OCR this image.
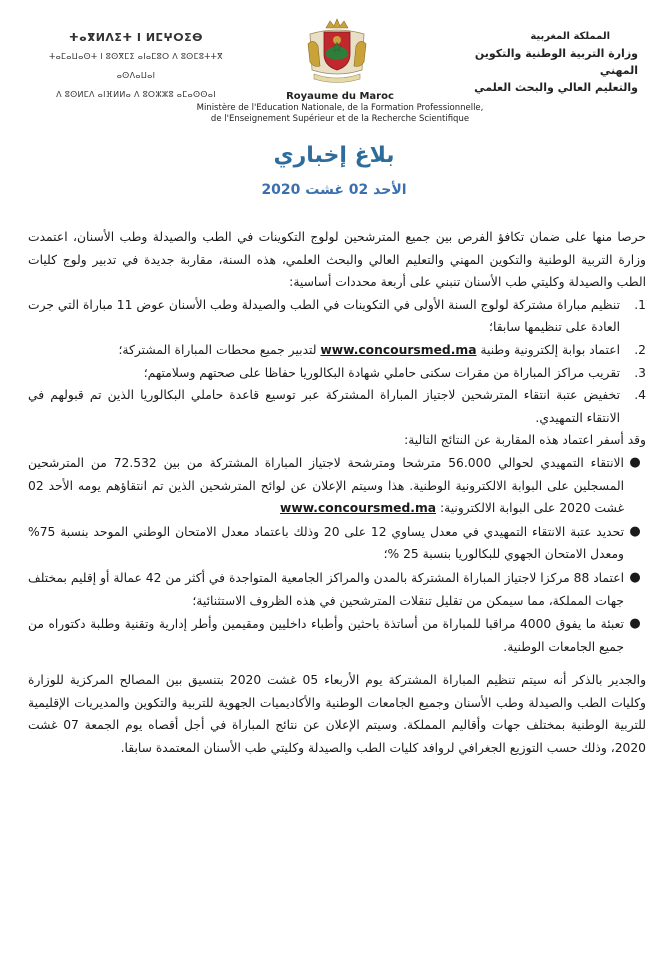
ⵜⴰⴳⵍⴷⵉⵜ ⵏ ⵍⵎⵖⵔⵉⴱ
ⵜⴰⵎⴰⵡⴰⵙⵜ ⵏ ⵓⵙⴳⵎⵉ ⴰⵏⴰⵎⵓⵔ ⴷ ⵓⵙⵎⵓⵜⵜⴳ ⴰⵙⴷⴰⵡⴰⵏ
ⴷ ⵓⵙⵍⵎⴷ ⴰⵏⴼⵍⵍⴰ ⴷ ⵓⵔⵣⵣⵓ ⴰⵎⴰⵙⵙⴰⵏ
المملكة المغربية
وزارة التربية الوطنية والتكوين المهني
والتعليم العالي والبحث العلمي
Royaume du Maroc
Ministère de l'Education Nationale, de la Formation Professionnelle,
de l'Enseignement Supérieur et de la Recherche Scientifique
بلاغ إخباري
الأحد 02 غشت 2020

حرصا منها على ضمان تكافؤ الفرص بين جميع المترشحين لولوج التكوينات في الطب والصيدلة وطب الأسنان، اعتمدت وزارة التربية الوطنية والتكوين المهني والتعليم العالي والبحث العلمي، هذه السنة، مقاربة جديدة في تدبير ولوج كليات الطب والصيدلة وكليتي طب الأسنان تنبني على أربعة محددات أساسية:

1.
تنظيم مباراة مشتركة لولوج السنة الأولى في التكوينات في الطب والصيدلة وطب الأسنان عوض 11 مباراة التي جرت العادة على تنظيمها سابقا؛
2.
اعتماد بوابة إلكترونية وطنية www.concoursmed.ma لتدبير جميع محطات المباراة المشتركة؛
3.
تقريب مراكز المباراة من مقرات سكنى حاملي شهادة البكالوريا حفاظا على صحتهم وسلامتهم؛
4.
تخفيض عتبة انتقاء المترشحين لاجتياز المباراة المشتركة عبر توسيع قاعدة حاملي البكالوريا الذين تم قبولهم في الانتقاء التمهيدي.

وقد أسفر اعتماد هذه المقاربة عن النتائج التالية:

●
الانتقاء التمهيدي لحوالي 56.000 مترشحا ومترشحة لاجتياز المباراة المشتركة من بين 72.532 من المترشحين المسجلين على البوابة الالكترونية الوطنية. هذا وسيتم الإعلان عن لوائح المترشحين الذين تم انتقاؤهم يومه الأحد 02 غشت 2020 على البوابة الالكترونية: www.concoursmed.ma
●
تحديد عتبة الانتقاء التمهيدي في معدل يساوي 12 على 20 وذلك باعتماد معدل الامتحان الوطني الموحد بنسبة 75% ومعدل الامتحان الجهوي للبكالوريا بنسبة 25 %؛
●
اعتماد 88 مركزا لاجتياز المباراة المشتركة بالمدن والمراكز الجامعية المتواجدة في أكثر من 42 عمالة أو إقليم بمختلف جهات المملكة، مما سيمكن من تقليل تنقلات المترشحين في هذه الظروف الاستثنائية؛
●
تعبئة ما يفوق 4000 مراقبا للمباراة من أساتذة باحثين وأطباء داخليين ومقيمين وأطر إدارية وتقنية وطلبة دكتوراه من جميع الجامعات الوطنية.

والجدير بالذكر أنه سيتم تنظيم المباراة المشتركة يوم الأربعاء 05 غشت 2020 بتنسيق بين المصالح المركزية للوزارة وكليات الطب والصيدلة وطب الأسنان وجميع الجامعات الوطنية والأكاديميات الجهوية للتربية والتكوين والمديريات الإقليمية للتربية الوطنية بمختلف جهات وأقاليم المملكة. وسيتم الإعلان عن نتائج المباراة في أجل أقصاه يوم الجمعة 07 غشت 2020، وذلك حسب التوزيع الجغرافي لروافد كليات الطب والصيدلة وكليتي طب الأسنان المعتمدة سابقا.
